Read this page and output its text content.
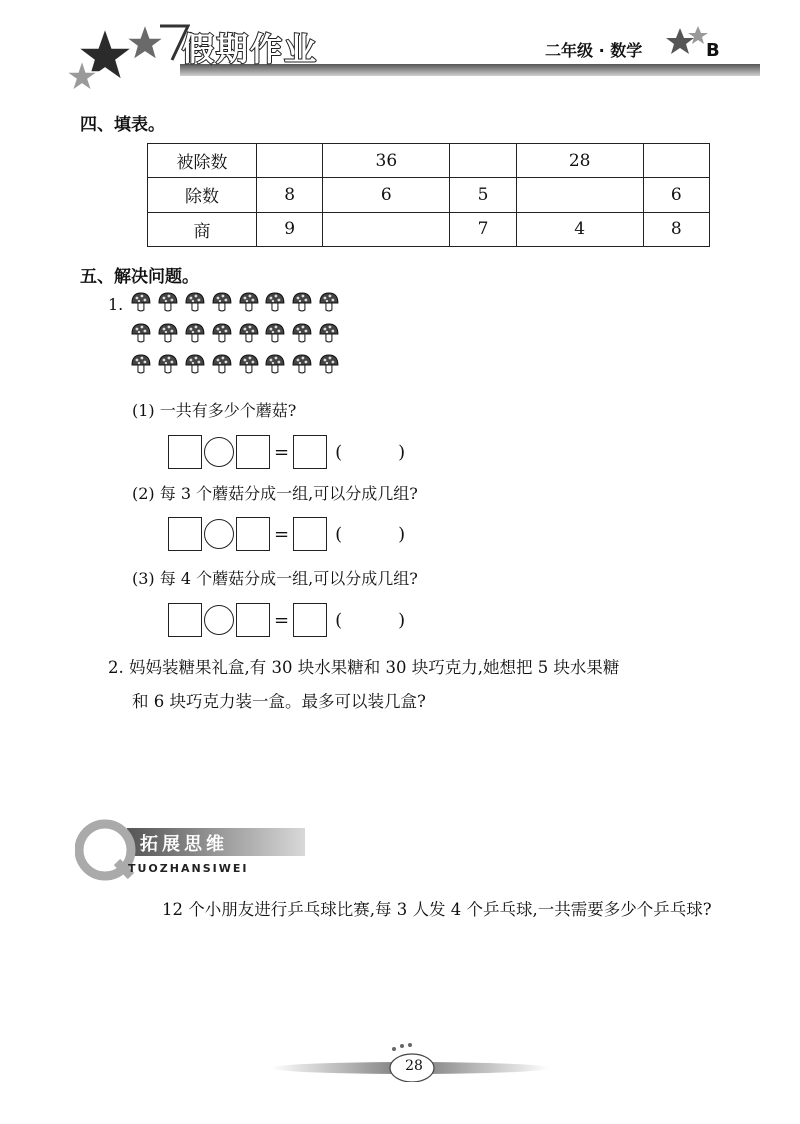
假期作业	二年级 · 数学	B
四、填表。
被除数		36		28	
除数	8	6	5		6
商	9		7	4	8
五、解决问题。
1.
(1) 一共有多少个蘑菇?
=	(	)
(2) 每 3 个蘑菇分成一组,可以分成几组?
=	(	)
(3) 每 4 个蘑菇分成一组,可以分成几组?
=	(	)
2. 妈妈装糖果礼盒,有 30 块水果糖和 30 块巧克力,她想把 5 块水果糖
和 6 块巧克力装一盒。最多可以装几盒?
拓展思维
TUOZHANSIWEI
12 个小朋友进行乒乓球比赛,每 3 人发 4 个乒乓球,一共需要多少个乒乓球?
28
